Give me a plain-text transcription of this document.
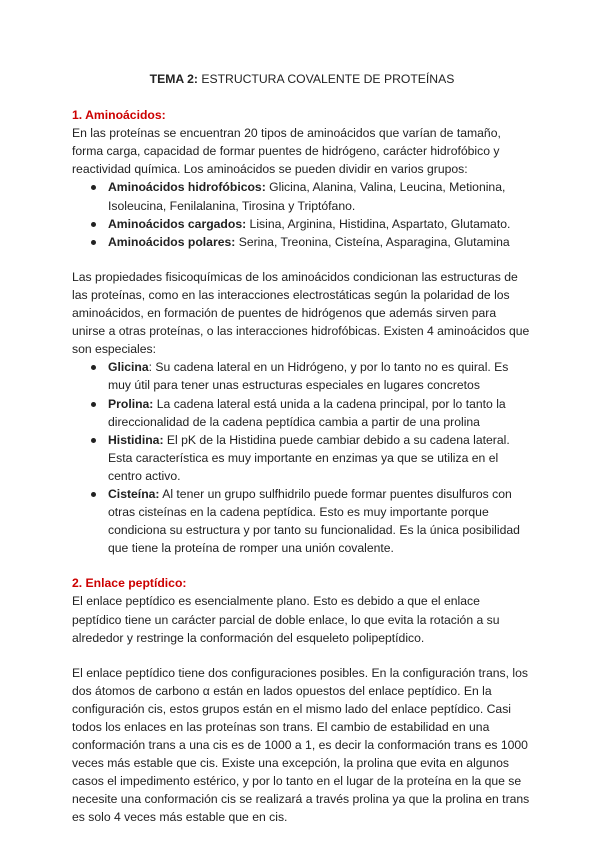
TEMA 2: ESTRUCTURA COVALENTE DE PROTEÍNAS

1. Aminoácidos:

En las proteínas se encuentran 20 tipos de aminoácidos que varían de tamaño, forma carga, capacidad de formar puentes de hidrógeno, carácter hidrofóbico y reactividad química. Los aminoácidos se pueden dividir en varios grupos:

Aminoácidos hidrofóbicos: Glicina, Alanina, Valina, Leucina, Metionina, Isoleucina, Fenilalanina, Tirosina y Triptófano.
Aminoácidos cargados: Lisina, Arginina, Histidina, Aspartato, Glutamato.
Aminoácidos polares: Serina, Treonina, Cisteína, Asparagina, Glutamina

Las propiedades fisicoquímicas de los aminoácidos condicionan las estructuras de las proteínas, como en las interacciones electrostáticas según la polaridad de los aminoácidos, en formación de puentes de hidrógenos que además sirven para unirse a otras proteínas, o las interacciones hidrofóbicas. Existen 4 aminoácidos que son especiales:

Glicina: Su cadena lateral en un Hidrógeno, y por lo tanto no es quiral. Es muy útil para tener unas estructuras especiales en lugares concretos
Prolina: La cadena lateral está unida a la cadena principal, por lo tanto la direccionalidad de la cadena peptídica cambia a partir de una prolina
Histidina: El pK de la Histidina puede cambiar debido a su cadena lateral. Esta característica es muy importante en enzimas ya que se utiliza en el centro activo.
Cisteína: Al tener un grupo sulfhidrilo puede formar puentes disulfuros con otras cisteínas en la cadena peptídica. Esto es muy importante porque condiciona su estructura y por tanto su funcionalidad. Es la única posibilidad que tiene la proteína de romper una unión covalente.

2. Enlace peptídico:

El enlace peptídico es esencialmente plano. Esto es debido a que el enlace peptídico tiene un carácter parcial de doble enlace, lo que evita la rotación a su alrededor y restringe la conformación del esqueleto polipeptídico.

El enlace peptídico tiene dos configuraciones posibles. En la configuración trans, los dos átomos de carbono α están en lados opuestos del enlace peptídico. En la configuración cis, estos grupos están en el mismo lado del enlace peptídico. Casi todos los enlaces en las proteínas son trans. El cambio de estabilidad en una conformación trans a una cis es de 1000 a 1, es decir la conformación trans es 1000 veces más estable que cis. Existe una excepción, la prolina que evita en algunos casos el impedimento estérico, y por lo tanto en el lugar de la proteína en la que se necesite una conformación cis se realizará a través prolina ya que la prolina en trans es solo 4 veces más estable que en cis.
